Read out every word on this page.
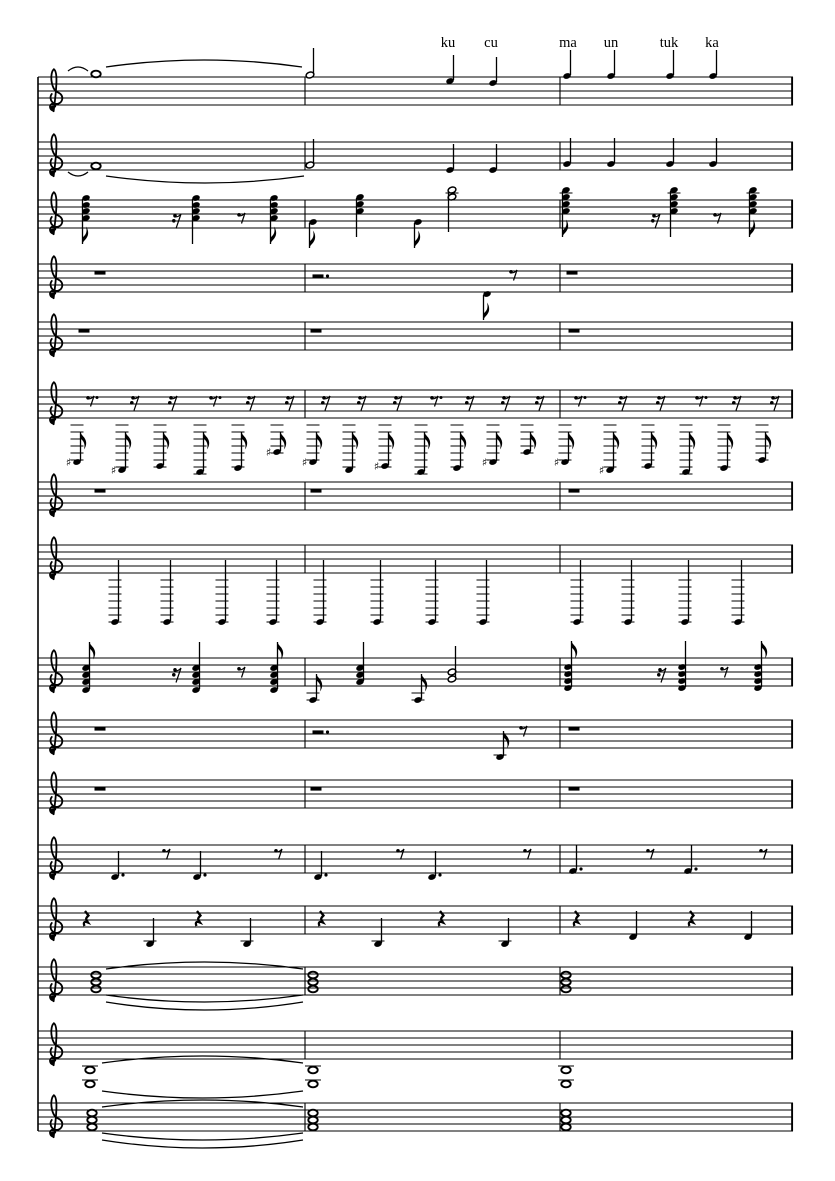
♯
♯
♯
♯	♯	♯	♯
♯
ku cu	ma un	tuk ka
